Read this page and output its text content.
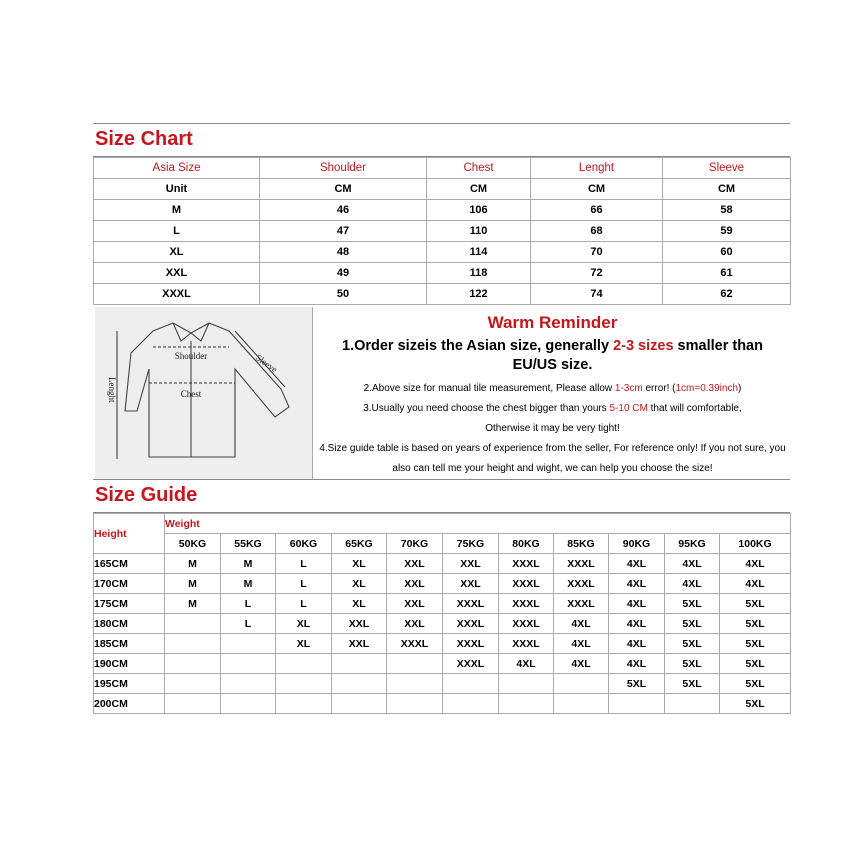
Size Chart
Asia Size	Shoulder	Chest	Lenght	Sleeve
Unit	CM	CM	CM	CM
M	46	106	66	58
L	47	110	68	59
XL	48	114	70	60
XXL	49	118	72	61
XXXL	50	122	74	62
Shoulder
Chest
Sleeve
Lenght
Warm Reminder
1.Order sizeis the Asian size, generally 2-3 sizes smaller than EU/US size.
2.Above size for manual tile measurement, Please allow 1-3cm error! (1cm=0.39inch)
3.Usually you need choose the chest bigger than yours 5-10 CM that will comfortable,
Otherwise it may be very tight!
4.Size guide table is based on years of experience from the seller, For reference only! If you not sure, you also can tell me your height and wight, we can help you choose the size!
Size Guide
Height	Weight										
	50KG	55KG	60KG	65KG	70KG	75KG	80KG	85KG	90KG	95KG	100KG
165CM	M	M	L	XL	XXL	XXL	XXXL	XXXL	4XL	4XL	4XL
170CM	M	M	L	XL	XXL	XXL	XXXL	XXXL	4XL	4XL	4XL
175CM	M	L	L	XL	XXL	XXXL	XXXL	XXXL	4XL	5XL	5XL
180CM		L	XL	XXL	XXL	XXXL	XXXL	4XL	4XL	5XL	5XL
185CM			XL	XXL	XXXL	XXXL	XXXL	4XL	4XL	5XL	5XL
190CM						XXXL	4XL	4XL	4XL	5XL	5XL
195CM									5XL	5XL	5XL
200CM											5XL
